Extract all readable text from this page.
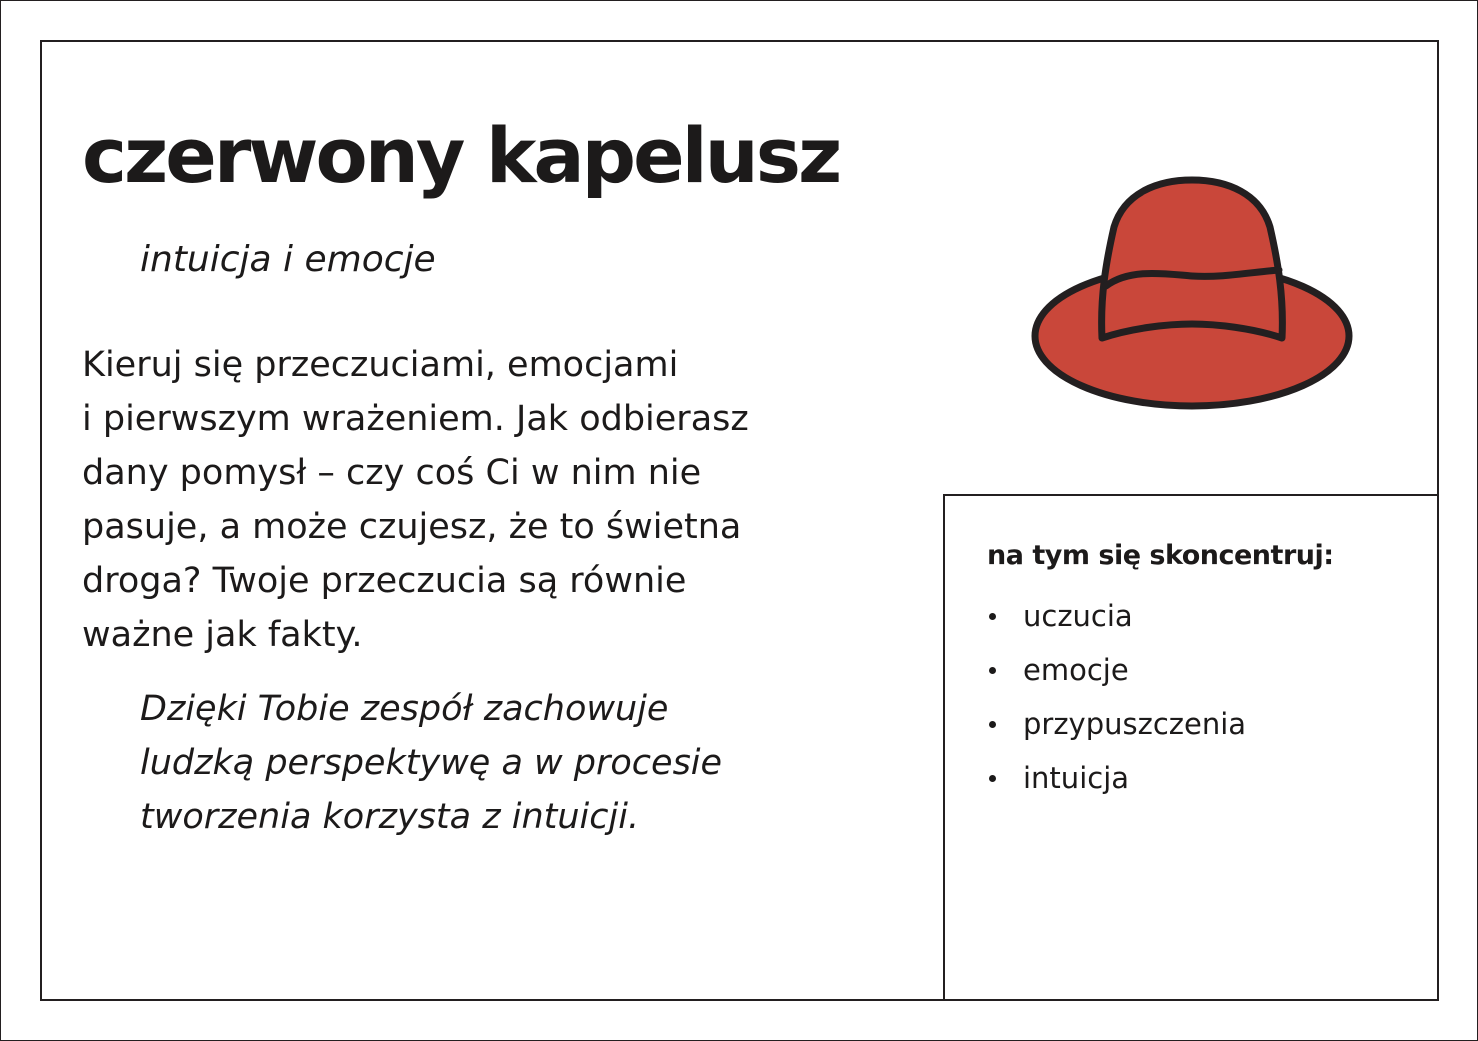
czerwony kapelusz
intuicja i emocje
Kieruj się przeczuciami, emocjami
i pierwszym wrażeniem. Jak odbierasz
dany pomysł – czy coś Ci w nim nie
pasuje, a może czujesz, że to świetna
droga? Twoje przeczucia są równie
ważne jak fakty.
Dzięki Tobie zespół zachowuje
ludzką perspektywę a w procesie
tworzenia korzysta z intuicji.
na tym się skoncentruj:
uczucia
emocje
przypuszczenia
intuicja
